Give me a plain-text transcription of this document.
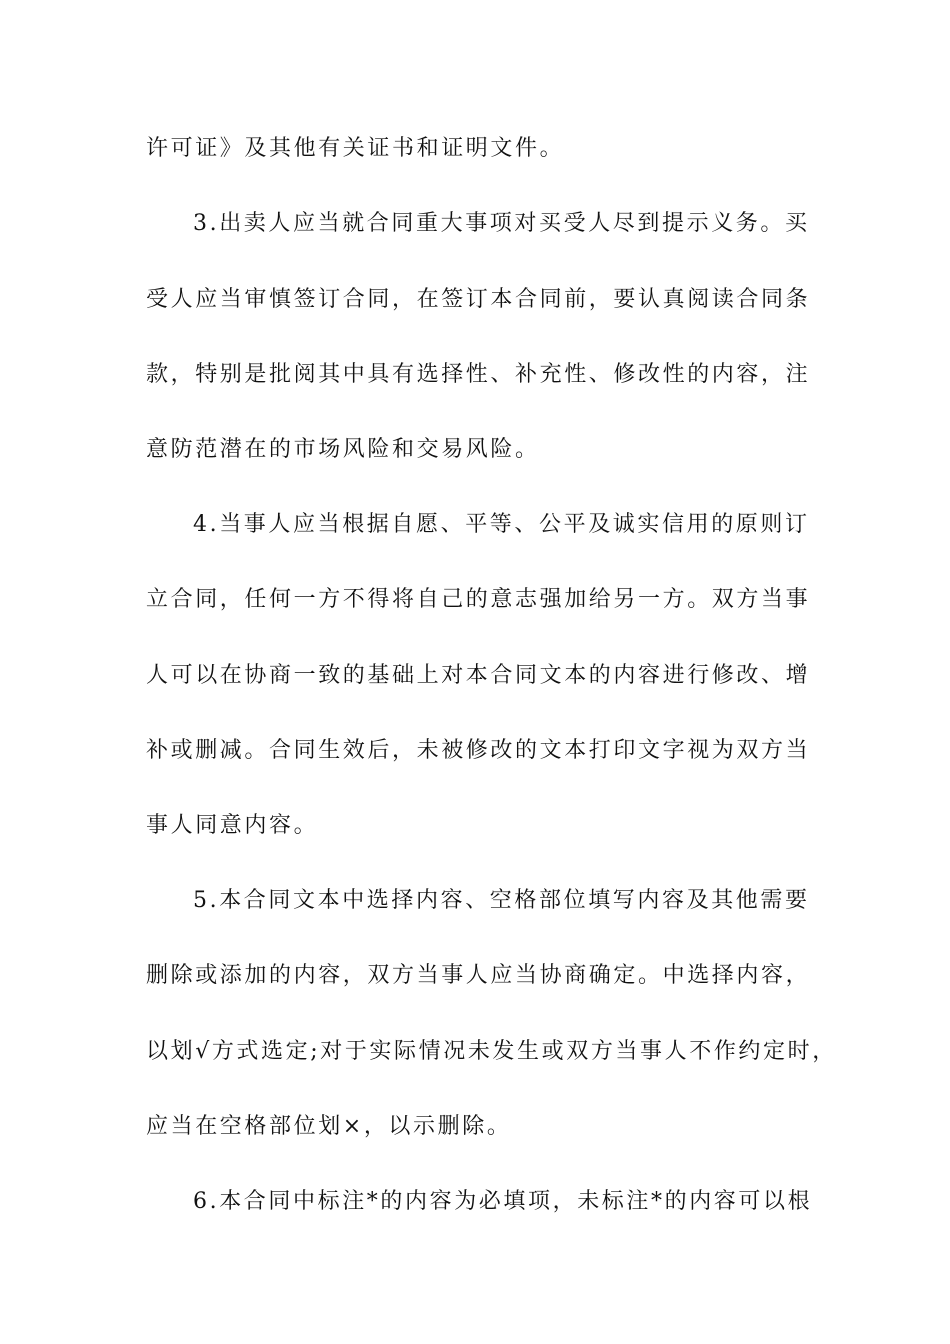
许可证》及其他有关证书和证明文件。
3.出卖人应当就合同重大事项对买受人尽到提示义务。买
受人应当审慎签订合同，在签订本合同前，要认真阅读合同条
款，特别是批阅其中具有选择性、补充性、修改性的内容，注
意防范潜在的市场风险和交易风险。
4.当事人应当根据自愿、平等、公平及诚实信用的原则订
立合同，任何一方不得将自己的意志强加给另一方。双方当事
人可以在协商一致的基础上对本合同文本的内容进行修改、增
补或删减。合同生效后，未被修改的文本打印文字视为双方当
事人同意内容。
5.本合同文本中选择内容、空格部位填写内容及其他需要
删除或添加的内容，双方当事人应当协商确定。中选择内容，
以划√方式选定;对于实际情况未发生或双方当事人不作约定时，
应当在空格部位划×，以示删除。
6.本合同中标注*的内容为必填项，未标注*的内容可以根
